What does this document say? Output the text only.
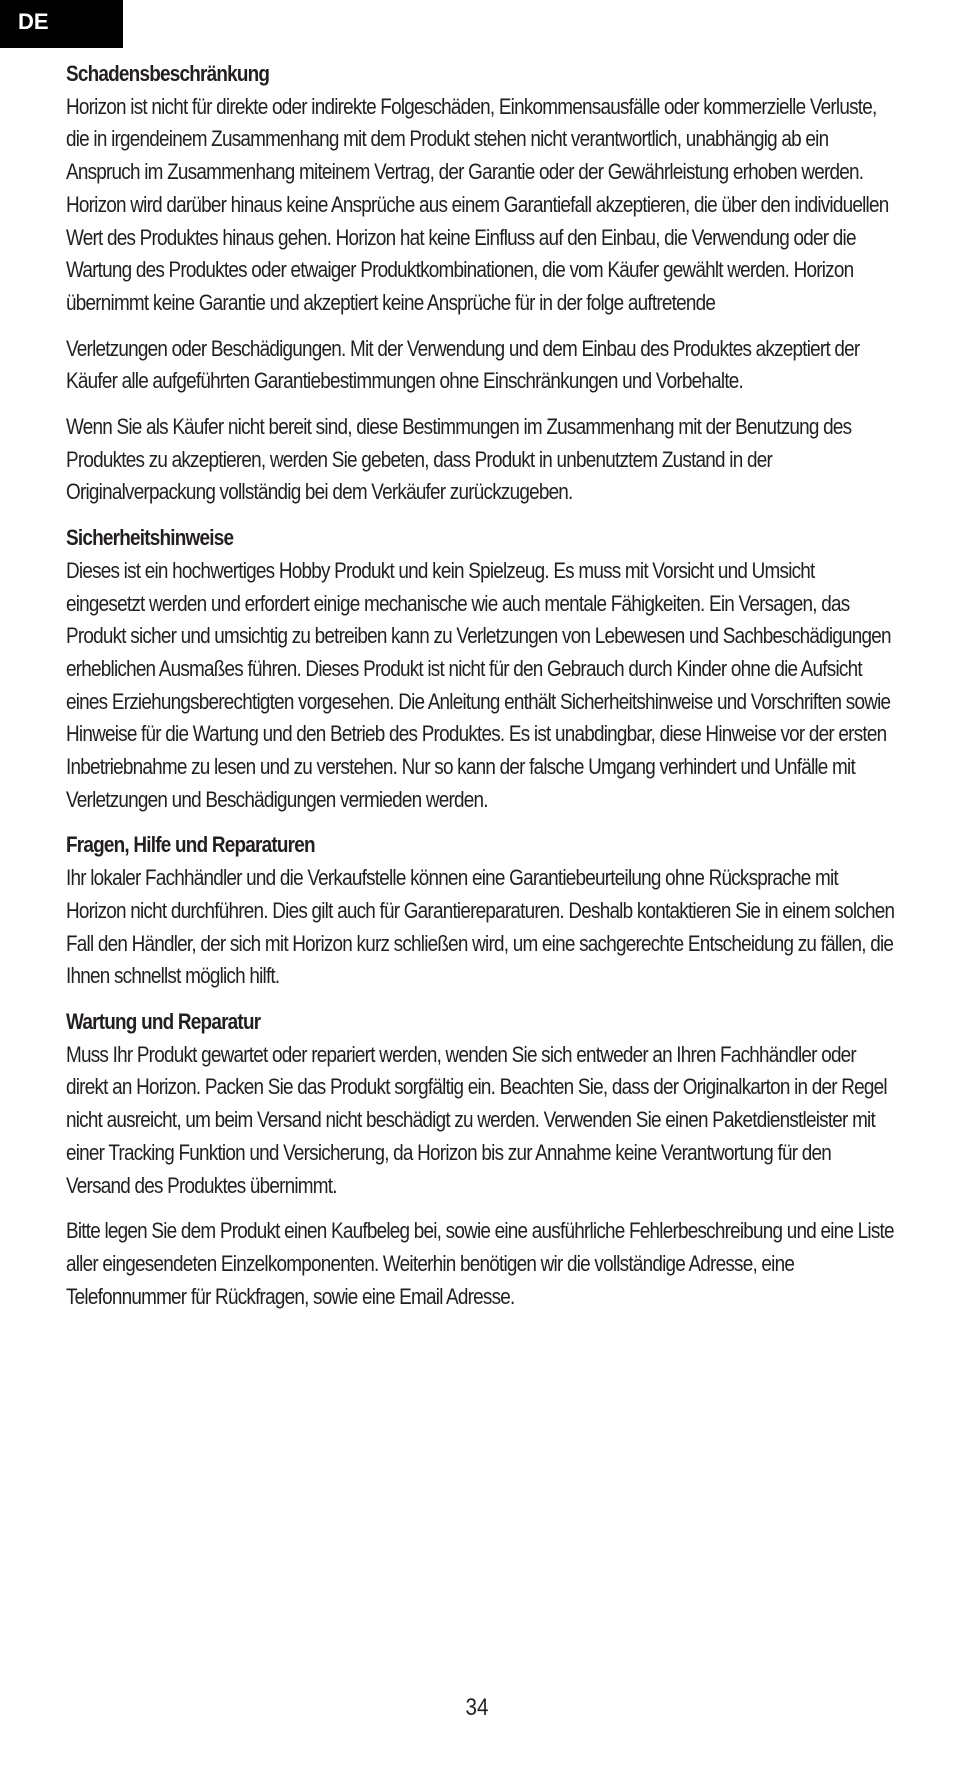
DE

Schadensbeschränkung

Horizon ist nicht für direkte oder indirekte Folgeschäden, Einkommensausfälle oder kommerzielle Verluste, die in irgendeinem Zusammenhang mit dem Produkt stehen nicht verantwortlich, unabhängig ab ein Anspruch im Zusammenhang miteinem Vertrag, der Garantie oder der Gewährleistung erhoben werden. Horizon wird darüber hinaus keine Ansprüche aus einem Garantiefall akzeptieren, die über den individuellen Wert des Produktes hinaus gehen. Horizon hat keine Einfluss auf den Einbau, die Verwendung oder die Wartung des Produktes oder etwaiger Produktkombinationen, die vom Käufer gewählt werden. Horizon übernimmt keine Garantie und akzeptiert keine Ansprüche für in der folge auftretende

Verletzungen oder Beschädigungen. Mit der Verwendung und dem Einbau des Produktes akzeptiert der Käufer alle aufgeführten Garantiebestimmungen ohne Einschränkungen und Vorbehalte.

Wenn Sie als Käufer nicht bereit sind, diese Bestimmungen im Zusammenhang mit der Benutzung des Produktes zu akzeptieren, werden Sie gebeten, dass Produkt in unbenutztem Zustand in der Originalverpackung vollständig bei dem Verkäufer zurückzugeben.

Sicherheitshinweise

Dieses ist ein hochwertiges Hobby Produkt und kein Spielzeug. Es muss mit Vorsicht und Umsicht eingesetzt werden und erfordert einige mechanische wie auch mentale Fähigkeiten. Ein Versagen, das Produkt sicher und umsichtig zu betreiben kann zu Verletzungen von Lebewesen und Sachbeschädigungen erheblichen Ausmaßes führen. Dieses Produkt ist nicht für den Gebrauch durch Kinder ohne die Aufsicht eines Erziehungsberechtigten vorgesehen. Die Anleitung enthält Sicherheitshinweise und Vorschriften sowie Hinweise für die Wartung und den Betrieb des Produktes. Es ist unabdingbar, diese Hinweise vor der ersten Inbetriebnahme zu lesen und zu verstehen. Nur so kann der falsche Umgang verhindert und Unfälle mit Verletzungen und Beschädigungen vermieden werden.

Fragen, Hilfe und Reparaturen

Ihr lokaler Fachhändler und die Verkaufstelle können eine Garantiebeurteilung ohne Rücksprache mit Horizon nicht durchführen. Dies gilt auch für Garantiereparaturen. Deshalb kontaktieren Sie in einem solchen Fall den Händler, der sich mit Horizon kurz schließen wird, um eine sachgerechte Entscheidung zu fällen, die Ihnen schnellst möglich hilft.

Wartung und Reparatur

Muss Ihr Produkt gewartet oder repariert werden, wenden Sie sich entweder an Ihren Fachhändler oder direkt an Horizon. Packen Sie das Produkt sorgfältig ein. Beachten Sie, dass der Originalkarton in der Regel nicht ausreicht, um beim Versand nicht beschädigt zu werden. Verwenden Sie einen Paketdienstleister mit einer Tracking Funktion und Versicherung, da Horizon bis zur Annahme keine Verantwortung für den Versand des Produktes übernimmt.

Bitte legen Sie dem Produkt einen Kaufbeleg bei, sowie eine ausführliche Fehlerbeschreibung und eine Liste aller eingesendeten Einzelkomponenten. Weiterhin benötigen wir die vollständige Adresse, eine Telefonnummer für Rückfragen, sowie eine Email Adresse.

34
